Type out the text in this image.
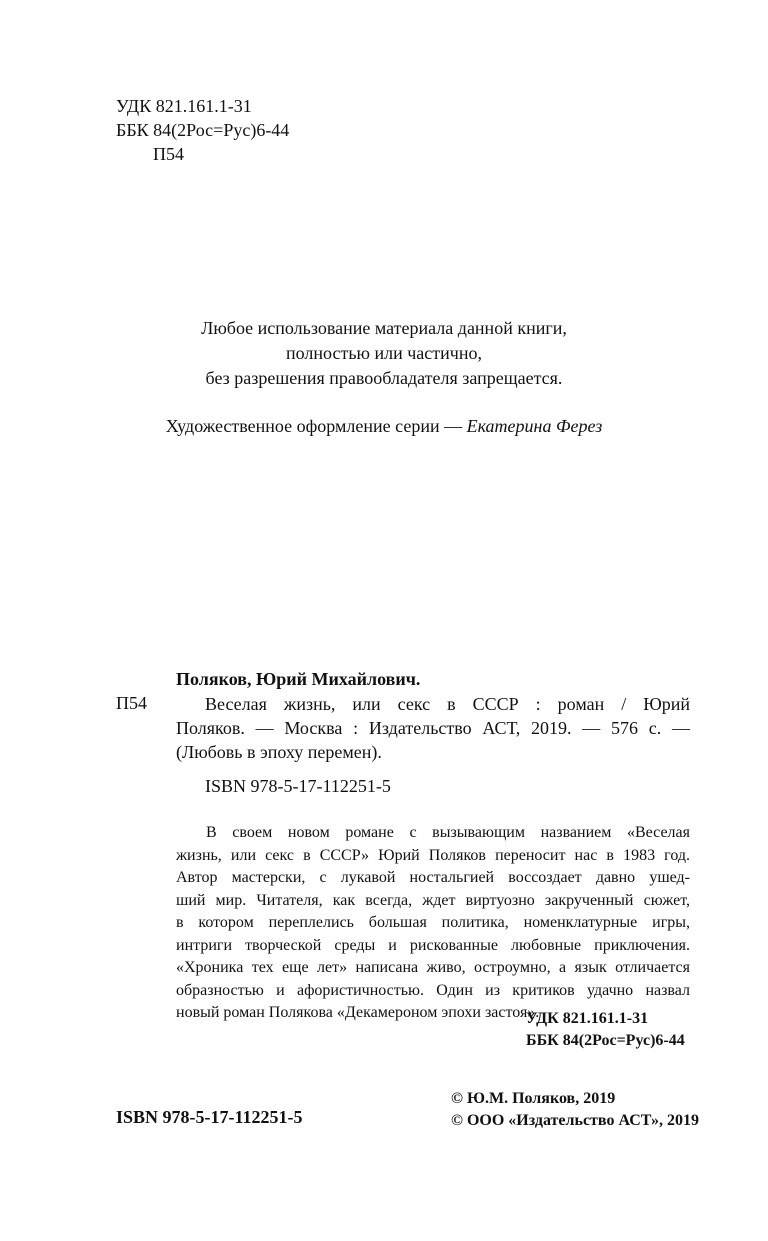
УДК 821.161.1-31
ББК 84(2Рос=Рус)6-44
П54
Любое использование материала данной книги,
полностью или частично,
без разрешения правообладателя запрещается.
Художественное оформление серии — Екатерина Ферез
Поляков, Юрий Михайлович.
П54	Веселая жизнь, или секс в СССР : роман / Юрий
Поляков. — Москва : Издательство АСТ, 2019. — 576 с. —
(Любовь в эпоху перемен).
ISBN 978-5-17-112251-5
В своем новом романе с вызывающим названием «Веселая
жизнь, или секс в СССР» Юрий Поляков переносит нас в 1983 год.
Автор мастерски, с лукавой ностальгией воссоздает давно ушед-
ший мир. Читателя, как всегда, ждет виртуозно закрученный сюжет,
в котором переплелись большая политика, номенклатурные игры,
интриги творческой среды и рискованные любовные приключения.
«Хроника тех еще лет» написана живо, остроумно, а язык отличается
образностью и афористичностью. Один из критиков удачно назвал
новый роман Полякова «Декамероном эпохи застоя».
УДК 821.161.1-31
ББК 84(2Рос=Рус)6-44
ISBN 978-5-17-112251-5
© Ю.М. Поляков, 2019
© ООО «Издательство АСТ», 2019
